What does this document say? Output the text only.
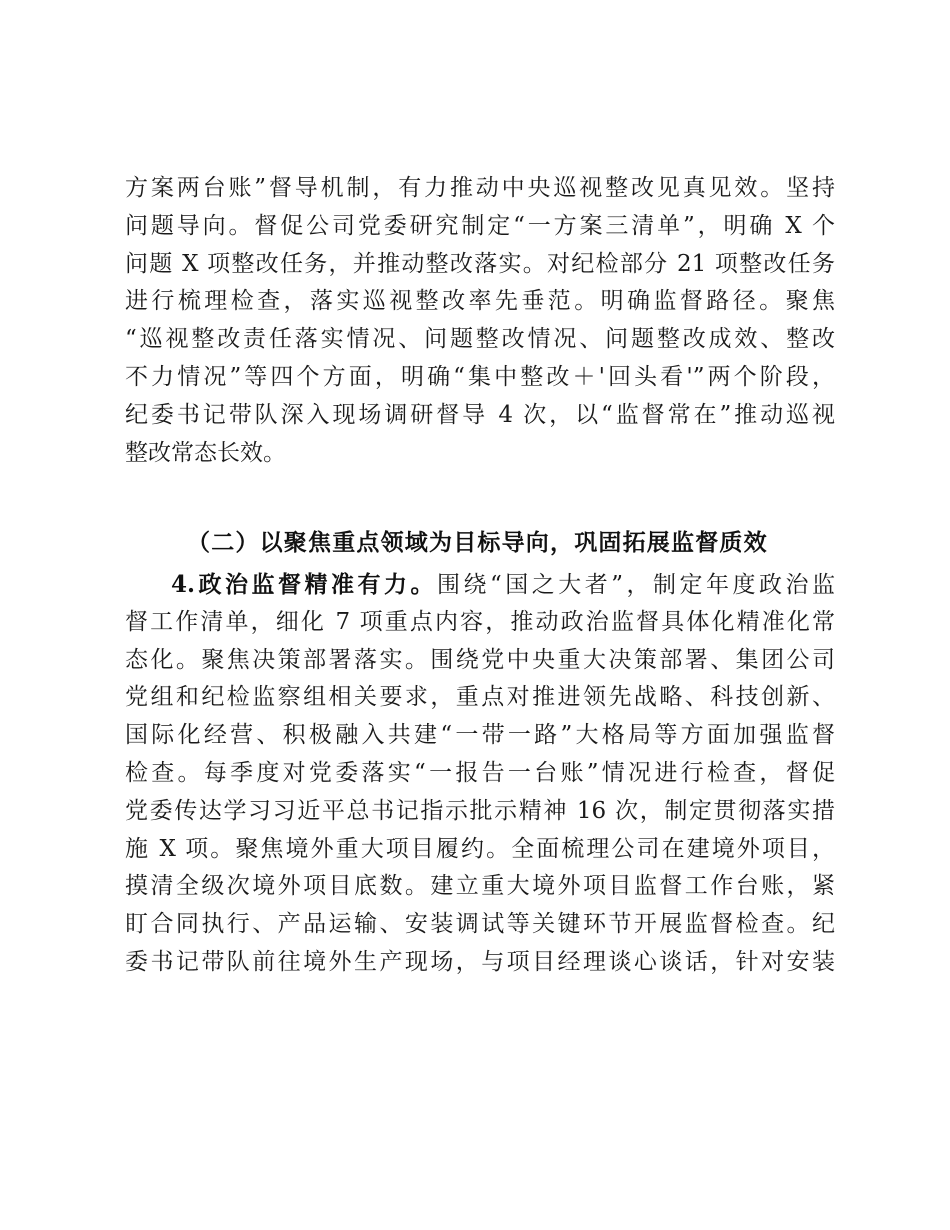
方案两台账”督导机制，有力推动中央巡视整改见真见效。坚持
问题导向。督促公司党委研究制定“一方案三清单”，明确 X 个
问题 X 项整改任务，并推动整改落实。对纪检部分 21 项整改任务
进行梳理检查，落实巡视整改率先垂范。明确监督路径。聚焦
“巡视整改责任落实情况、问题整改情况、问题整改成效、整改
不力情况”等四个方面，明确“集中整改＋'回头看'”两个阶段，
纪委书记带队深入现场调研督导 4 次，以“监督常在”推动巡视
整改常态长效。
（二）以聚焦重点领域为目标导向，巩固拓展监督质效
4.政治监督精准有力。围绕“国之大者”，制定年度政治监
督工作清单，细化 7 项重点内容，推动政治监督具体化精准化常
态化。聚焦决策部署落实。围绕党中央重大决策部署、集团公司
党组和纪检监察组相关要求，重点对推进领先战略、科技创新、
国际化经营、积极融入共建“一带一路”大格局等方面加强监督
检查。每季度对党委落实“一报告一台账”情况进行检查，督促
党委传达学习习近平总书记指示批示精神 16 次，制定贯彻落实措
施 X 项。聚焦境外重大项目履约。全面梳理公司在建境外项目，
摸清全级次境外项目底数。建立重大境外项目监督工作台账，紧
盯合同执行、产品运输、安装调试等关键环节开展监督检查。纪
委书记带队前往境外生产现场，与项目经理谈心谈话，针对安装
